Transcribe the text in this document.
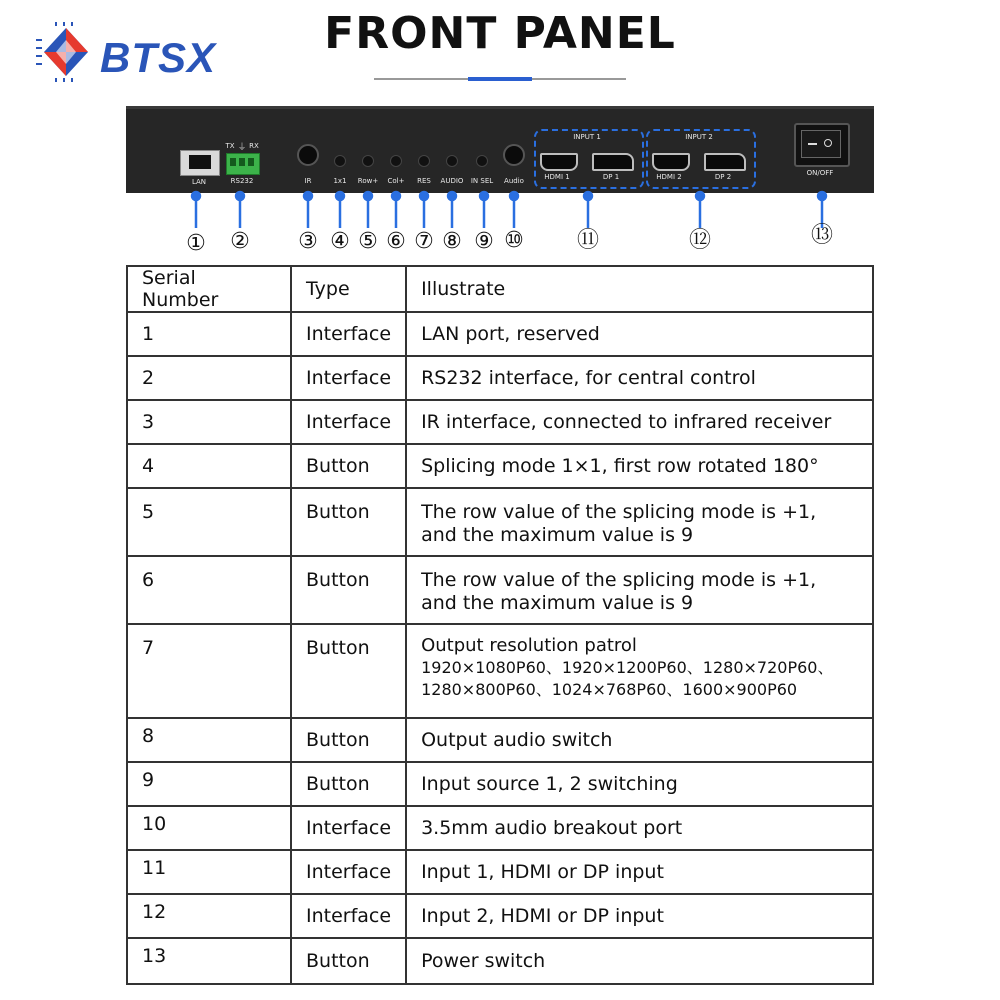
BTSX	FRONT PANEL
LAN
TX ⏚ RX
RS232	IR	1x1 Row+ Col+ RES AUDIO IN SEL Audio
INPUT 1
HDMI 1	DP 1
INPUT 2
HDMI 2	DP 2	ON/OFF
① ② ③ ④ ⑤ ⑥ ⑦ ⑧ ⑨ ⑩ ⑪	⑫	⑬
Serial Number	Type	Illustrate
1	Interface	LAN port, reserved
2	Interface	RS232 interface, for central control
3	Interface	IR interface, connected to infrared receiver
4	Button	Splicing mode 1×1, first row rotated 180°
5	Button	The row value of the splicing mode is +1,
and the maximum value is 9

6	Button	The row value of the splicing mode is +1,
and the maximum value is 9

7	Button	Output resolution patrol
1920×1080P60、1920×1200P60、1280×720P60、
1280×800P60、1024×768P60、1600×900P60

8	Button	Output audio switch
9	Button	Input source 1, 2 switching
10	Interface	3.5mm audio breakout port
11	Interface	Input 1, HDMI or DP input
12	Interface	Input 2, HDMI or DP input
13	Button	Power switch
